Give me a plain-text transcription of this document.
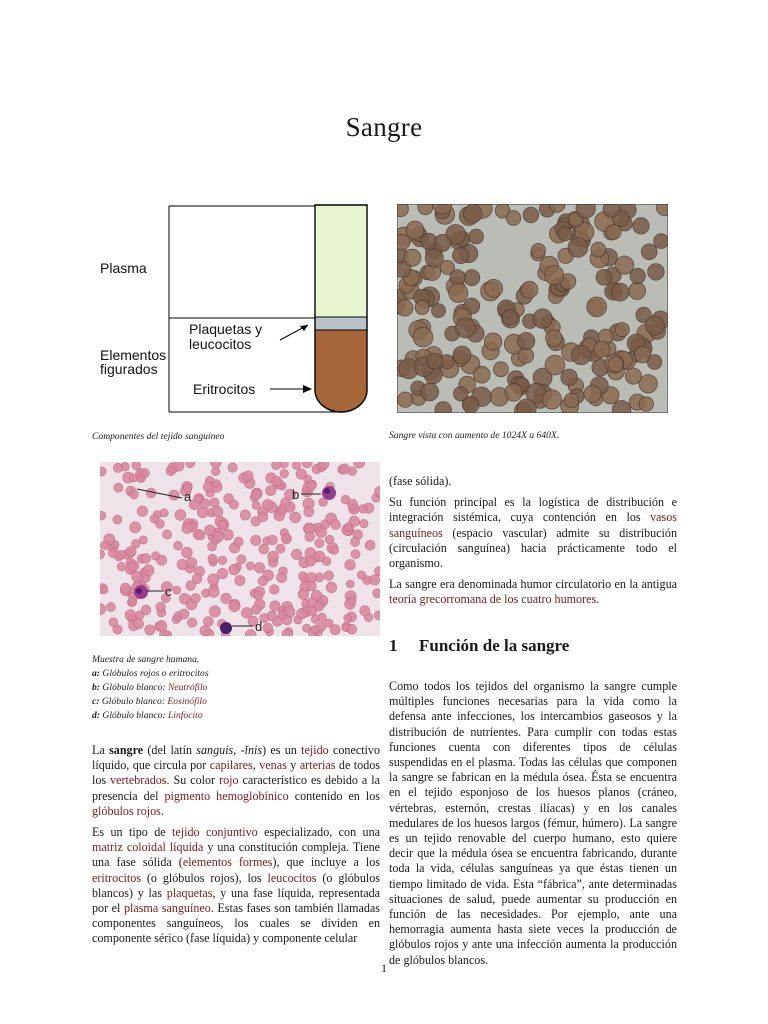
Sangre
Plasma
Plaquetas y
leucocitos
Elementos
figurados
Eritrocitos
Componentes del tejido sanguíneo	Sangre vista con aumento de 1024X a 640X.
a	b
c
d
Muestra de sangre humana.
a: Glóbulos rojos o eritrocitos
b: Glóbulo blanco: Neutrófilo
c: Glóbulo blanco: Eosinófilo
d: Glóbulo blanco: Linfocito

La sangre (del latín sanguis, -ĭnis) es un tejido conectivo líquido, que circula por capilares, venas y arterias de todos los vertebrados. Su color rojo característico es debido a la presencia del pigmento hemoglobínico contenido en los glóbulos rojos.

Es un tipo de tejido conjuntivo especializado, con una matriz coloidal líquida y una constitución compleja. Tiene una fase sólida (elementos formes), que incluye a los eritrocitos (o glóbulos rojos), los leucocitos (o glóbulos blancos) y las plaquetas, y una fase líquida, representada por el plasma sanguíneo. Estas fases son también llamadas componentes sanguíneos, los cuales se dividen en componente sérico (fase líquida) y componente celular

(fase sólida).

Su función principal es la logística de distribución e integración sistémica, cuya contención en los vasos sanguíneos (espacio vascular) admite su distribución (circulación sanguínea) hacia prácticamente todo el organismo.

La sangre era denominada humor circulatorio en la antigua teoría grecorromana de los cuatro humores.

1 Función de la sangre

Como todos los tejidos del organismo la sangre cumple múltiples funciones necesarias para la vida como la defensa ante infecciones, los intercambios gaseosos y la distribución de nutrientes. Para cumplir con todas estas funciones cuenta con diferentes tipos de células suspendidas en el plasma. Todas las células que componen la sangre se fabrican en la médula ósea. Ésta se encuentra en el tejido esponjoso de los huesos planos (cráneo, vértebras, esternón, crestas ilíacas) y en los canales medulares de los huesos largos (fémur, húmero). La sangre es un tejido renovable del cuerpo humano, esto quiere decir que la médula ósea se encuentra fabricando, durante toda la vida, células sanguíneas ya que éstas tienen un tiempo limitado de vida. Esta “fábrica”, ante determinadas situaciones de salud, puede aumentar su producción en función de las necesidades. Por ejemplo, ante una hemorragia aumenta hasta siete veces la producción de glóbulos rojos y ante una infección aumenta la producción de glóbulos blancos.

1
